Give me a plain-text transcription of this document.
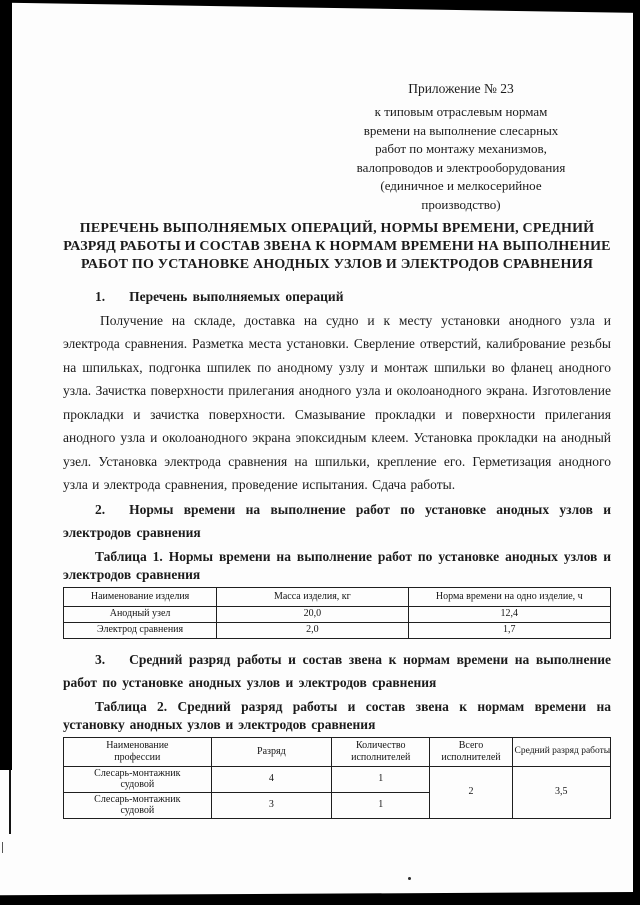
Приложение № 23
к типовым отраслевым нормам
времени на выполнение слесарных
работ по монтажу механизмов,
валопроводов и электрооборудования
(единичное и мелкосерийное
производство)
ПЕРЕЧЕНЬ ВЫПОЛНЯЕМЫХ ОПЕРАЦИЙ, НОРМЫ ВРЕМЕНИ, СРЕДНИЙ РАЗРЯД РАБОТЫ И СОСТАВ ЗВЕНА К НОРМАМ ВРЕМЕНИ НА ВЫПОЛНЕНИЕ РАБОТ ПО УСТАНОВКЕ АНОДНЫХ УЗЛОВ И ЭЛЕКТРОДОВ СРАВНЕНИЯ

1. Перечень выполняемых операций

Получение на складе, доставка на судно и к месту установки анодного узла и электрода сравнения. Разметка места установки. Сверление отверстий, калибрование резьбы на шпильках, подгонка шпилек по анодному узлу и монтаж шпильки во фланец анодного узла. Зачистка поверхности прилегания анодного узла и околоанодного экрана. Изготовление прокладки и зачистка поверхности. Смазывание прокладки и поверхности прилегания анодного узла и околоанодного экрана эпоксидным клеем. Установка прокладки на анодный узел. Установка электрода сравнения на шпильки, крепление его. Герметизация анодного узла и электрода сравнения, проведение испытания. Сдача работы.

2. Нормы времени на выполнение работ по установке анодных узлов и электродов сравнения

Таблица 1. Нормы времени на выполнение работ по установке анодных узлов и электродов сравнения

Наименование изделия	Масса изделия, кг	Норма времени на одно изделие, ч
Анодный узел	20,0	12,4
Электрод сравнения	2,0	1,7

3. Средний разряд работы и состав звена к нормам времени на выполнение работ по установке анодных узлов и электродов сравнения

Таблица 2. Средний разряд работы и состав звена к нормам времени на установку анодных узлов и электродов сравнения

Наименование профессии	Разряд	Количество исполнителей	Всего исполнителей	Средний разряд работы
Слесарь-монтажник судовой	4	1	2	3,5
Слесарь-монтажник судовой	3	1		
